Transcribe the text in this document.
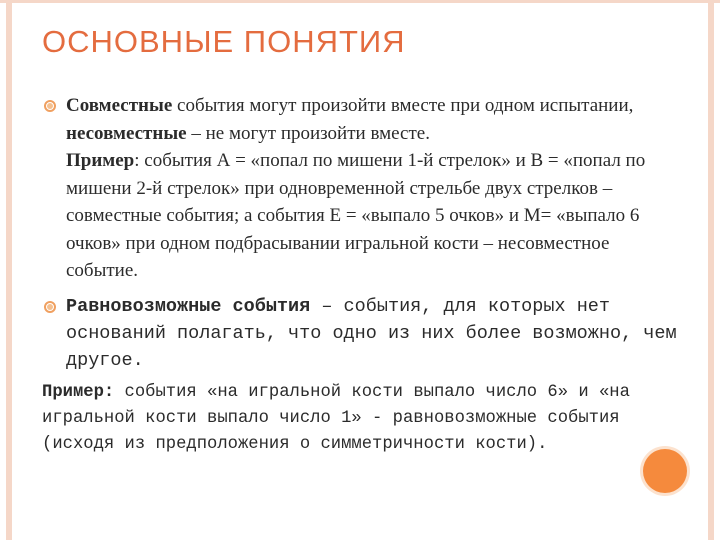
ОСНОВНЫЕ ПОНЯТИЯ
Совместные события могут произойти вместе при одном испытании, несовместные – не могут произойти вместе.
Пример: события А = «попал по мишени 1-й стрелок» и В = «попал по мишени 2-й стрелок» при одновременной стрельбе двух стрелков – совместные события; а события Е = «выпало 5 очков» и М= «выпало 6 очков» при одном подбрасывании игральной кости – несовместное событие.
Равновозможные события – события, для которых нет оснований полагать, что одно из них более возможно, чем другое.
Пример: события «на игральной кости выпало число 6» и «на игральной кости выпало число 1» - равновозможные события (исходя из предположения о симметричности кости).
